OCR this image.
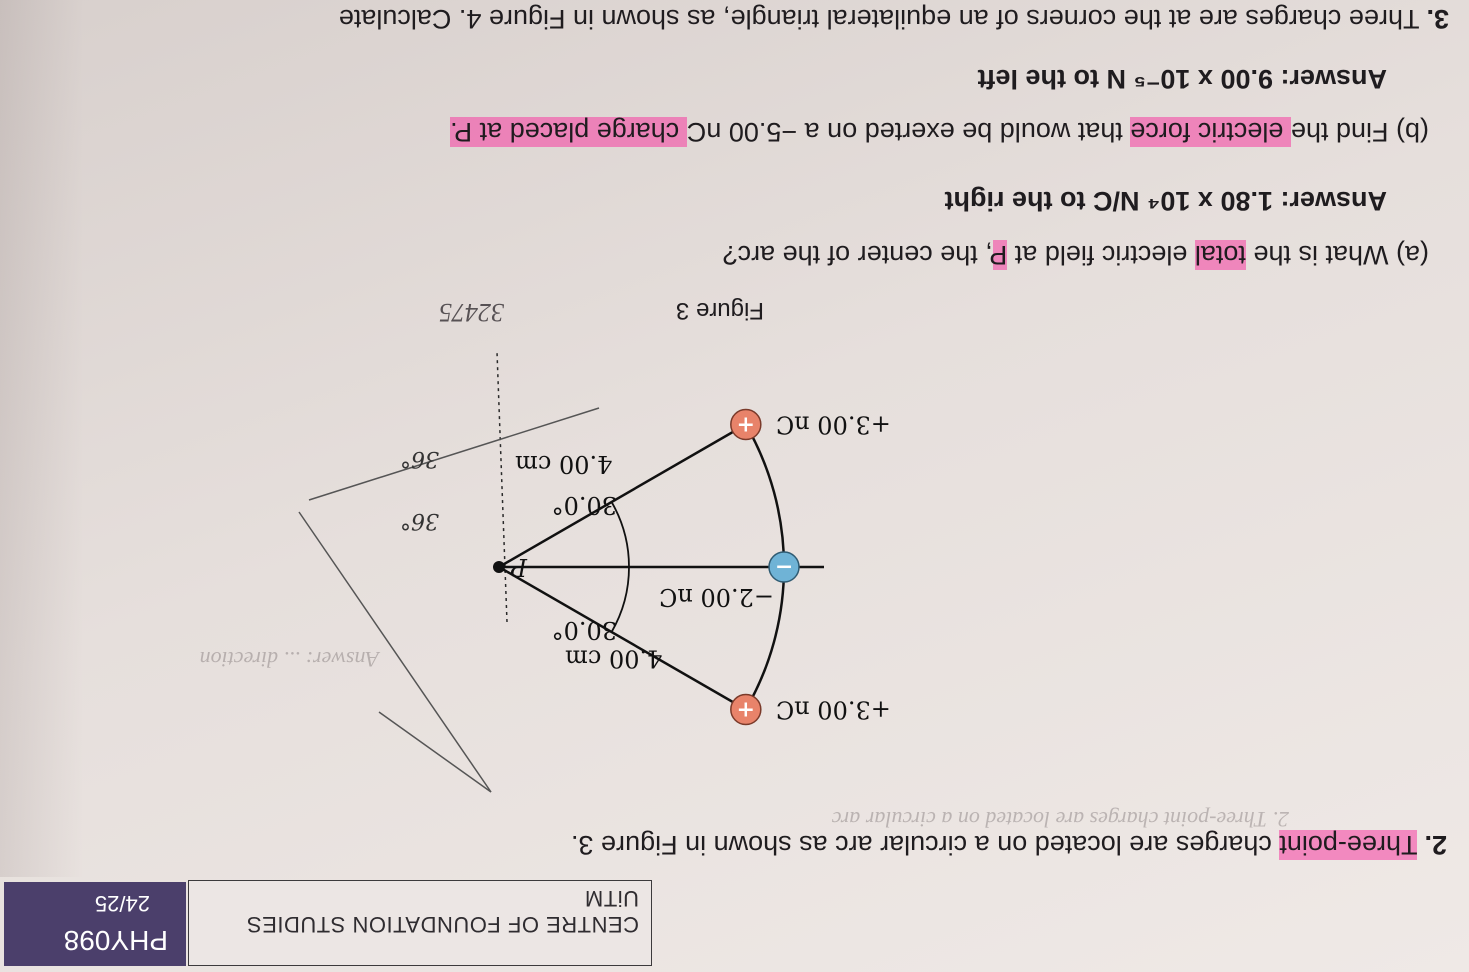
CENTRE OF FOUNDATION STUDIES UiTM
PHY098
24/25
2. Three-point charges are located on a circular arc as shown in Figure 3.
P
+
−
+
+3.00 nC
−2.00 nC
+3.00 nC
4.00 cm
4.00 cm
30.0°
30.0°
36°
36°
2. Three-point charges are located on a circular arc
Answer: ... direction
Figure 3
32475
(a) What is the total electric field at P, the center of the arc?
Answer: 1.80 x 10⁴ N/C to the right
(b) Find the electric force that would be exerted on a −5.00 nC charge placed at P.
Answer: 9.00 x 10⁻⁵ N to the left
3. Three charges are at the corners of an equilateral triangle, as shown in Figure 4. Calculate
